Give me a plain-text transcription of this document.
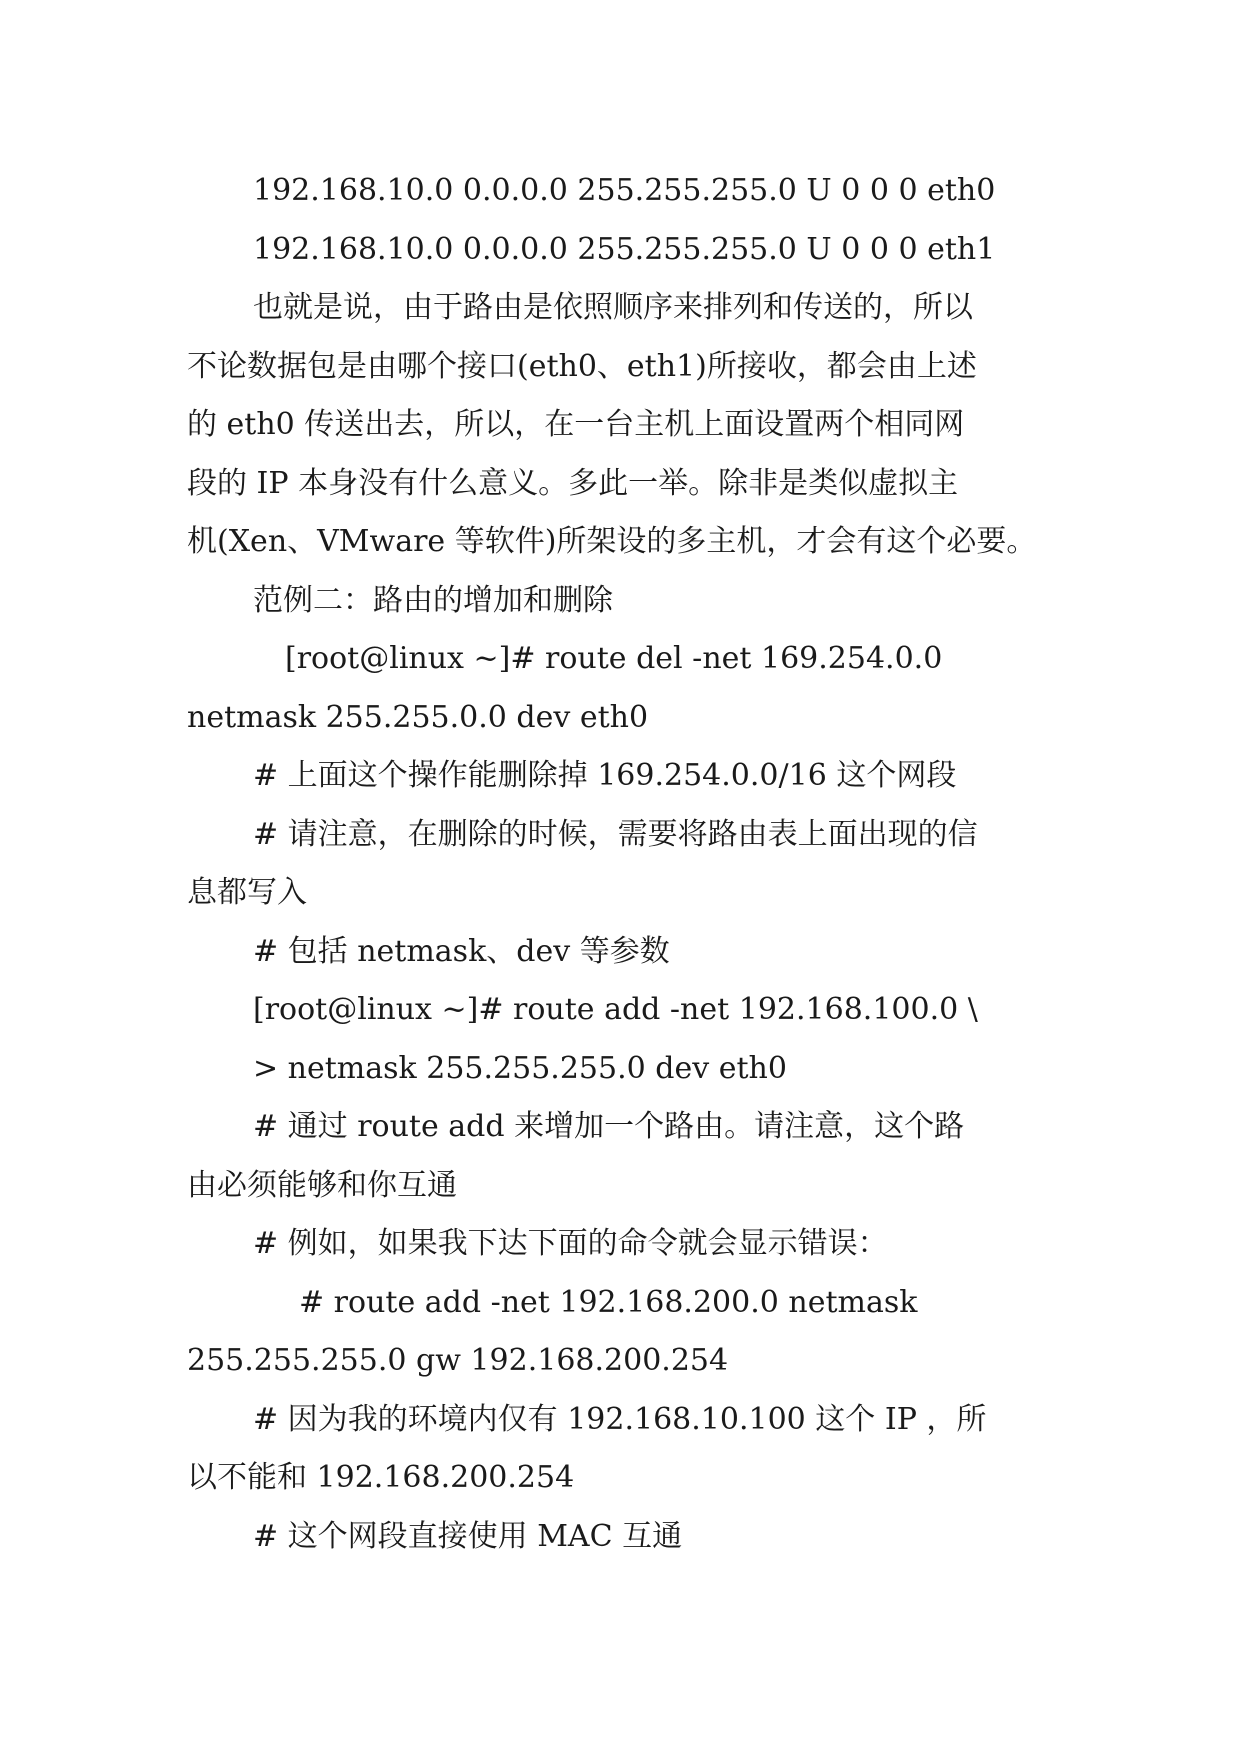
192.168.10.0 0.0.0.0 255.255.255.0 U 0 0 0 eth0
192.168.10.0 0.0.0.0 255.255.255.0 U 0 0 0 eth1
也就是说，由于路由是依照顺序来排列和传送的，所以
不论数据包是由哪个接口(eth0、eth1)所接收，都会由上述
的 eth0 传送出去，所以，在一台主机上面设置两个相同网
段的 IP 本身没有什么意义。多此一举。除非是类似虚拟主
机(Xen、VMware 等软件)所架设的多主机，才会有这个必要。
范例二：路由的增加和删除
[root@linux ~]# route del -net 169.254.0.0
netmask 255.255.0.0 dev eth0
# 上面这个操作能删除掉 169.254.0.0/16 这个网段
# 请注意，在删除的时候，需要将路由表上面出现的信
息都写入
# 包括 netmask、dev 等参数
[root@linux ~]# route add -net 192.168.100.0 \
> netmask 255.255.255.0 dev eth0
# 通过 route add 来增加一个路由。请注意，这个路
由必须能够和你互通
# 例如，如果我下达下面的命令就会显示错误：
# route add -net 192.168.200.0 netmask
255.255.255.0 gw 192.168.200.254
# 因为我的环境内仅有 192.168.10.100 这个 IP ，所
以不能和 192.168.200.254
# 这个网段直接使用 MAC 互通
